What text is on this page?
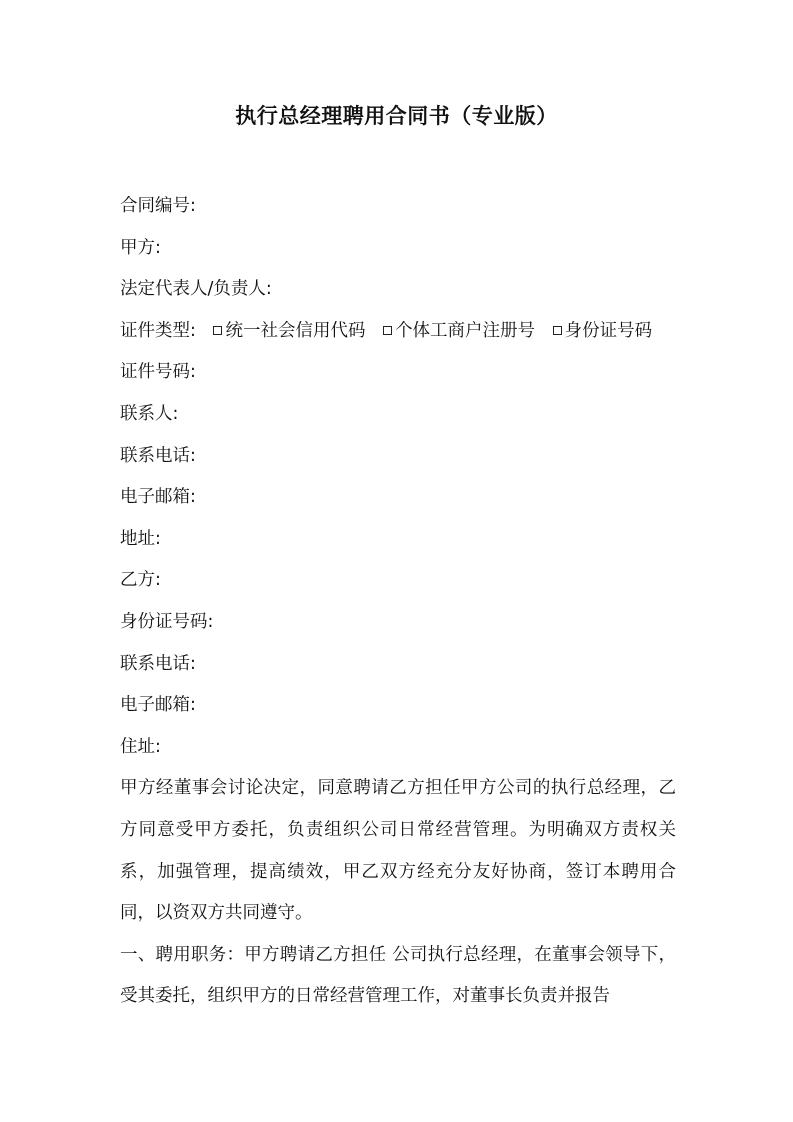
执行总经理聘用合同书（专业版）
合同编号:
甲方:
法定代表人/负责人:
证件类型: 统一社会信用代码 个体工商户注册号 身份证号码
证件号码:
联系人:
联系电话:
电子邮箱:
地址:
乙方:
身份证号码:
联系电话:
电子邮箱:
住址:

甲方经董事会讨论决定，同意聘请乙方担任甲方公司的执行总经理，乙方同意受甲方委托，负责组织公司日常经营管理。为明确双方责权关系，加强管理，提高绩效，甲乙双方经充分友好协商，签订本聘用合同，以资双方共同遵守。

一、聘用职务：甲方聘请乙方担任 公司执行总经理，在董事会领导下，受其委托，组织甲方的日常经营管理工作，对董事长负责并报告
